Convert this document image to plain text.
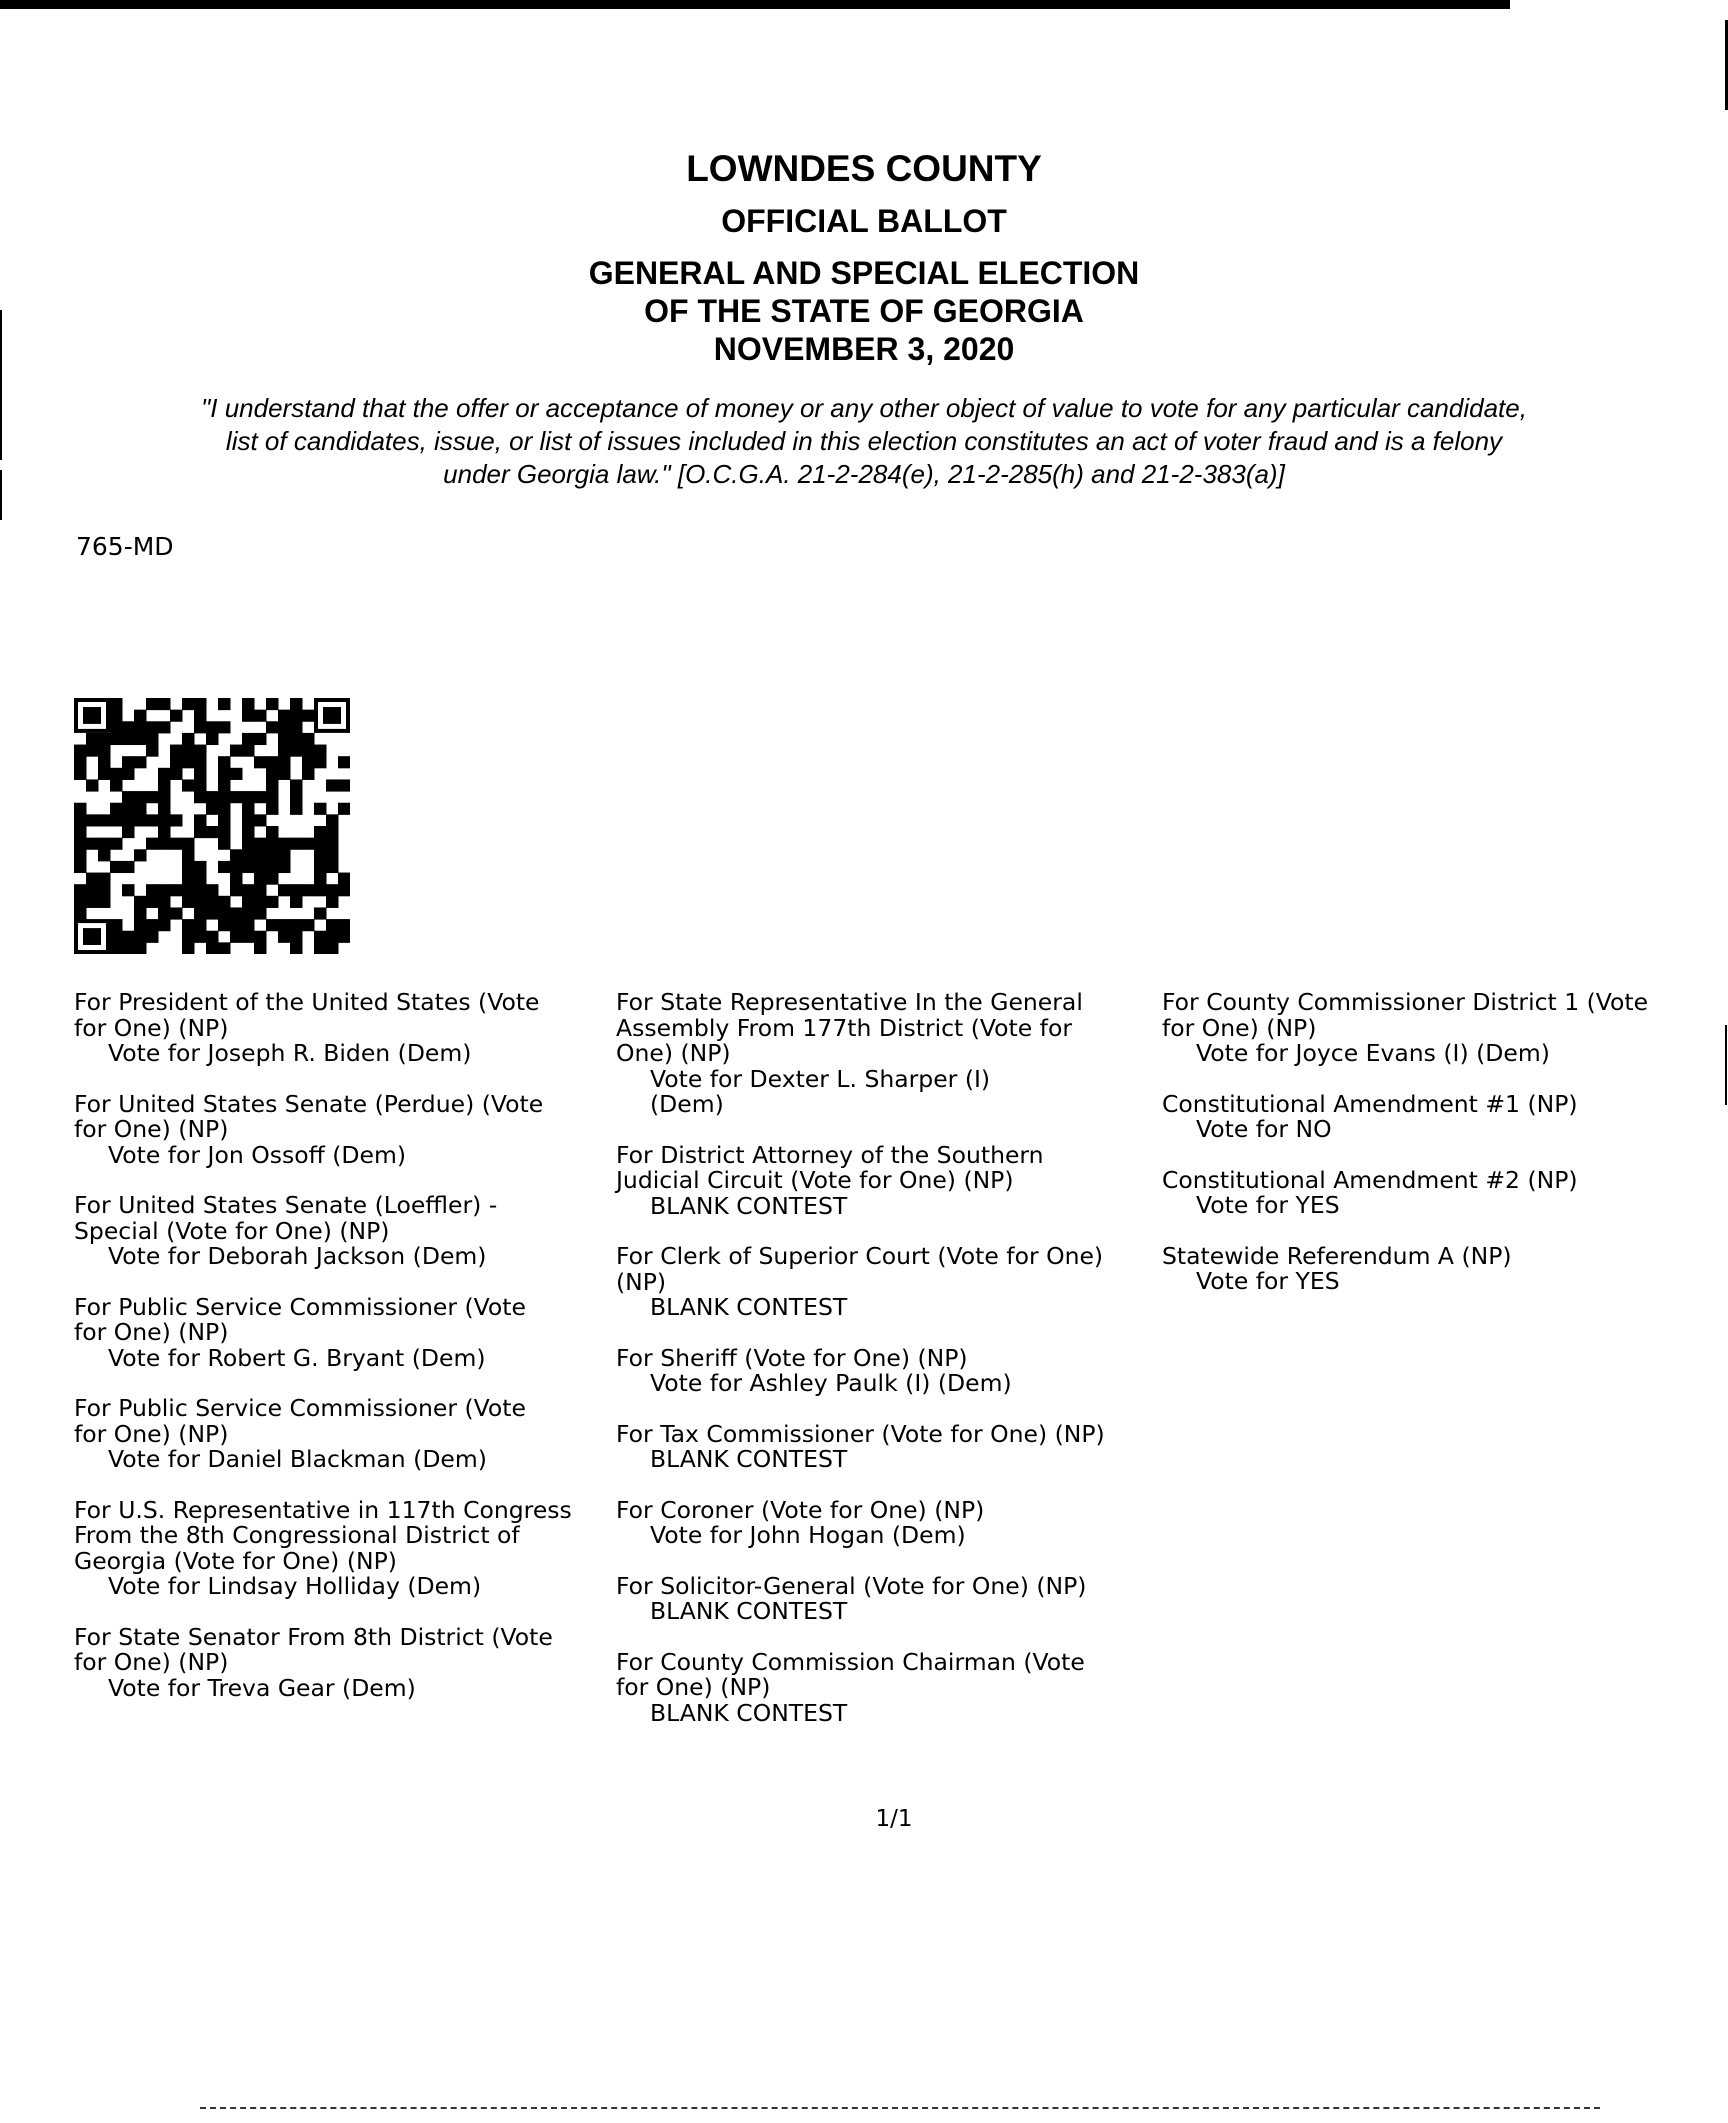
LOWNDES COUNTY
OFFICIAL BALLOT
GENERAL AND SPECIAL ELECTION
OF THE STATE OF GEORGIA
NOVEMBER 3, 2020
"I understand that the offer or acceptance of money or any other object of value to vote for any particular candidate,
list of candidates, issue, or list of issues included in this election constitutes an act of voter fraud and is a felony
under Georgia law." [O.C.G.A. 21-2-284(e), 21-2-285(h) and 21-2-383(a)]
765-MD
For President of the United States (Vote
for One) (NP)
Vote for Joseph R. Biden (Dem)
For United States Senate (Perdue) (Vote
for One) (NP)
Vote for Jon Ossoff (Dem)
For United States Senate (Loeffler) -
Special (Vote for One) (NP)
Vote for Deborah Jackson (Dem)
For Public Service Commissioner (Vote
for One) (NP)
Vote for Robert G. Bryant (Dem)
For Public Service Commissioner (Vote
for One) (NP)
Vote for Daniel Blackman (Dem)
For U.S. Representative in 117th Congress
From the 8th Congressional District of
Georgia (Vote for One) (NP)
Vote for Lindsay Holliday (Dem)
For State Senator From 8th District (Vote
for One) (NP)
Vote for Treva Gear (Dem)
For State Representative In the General
Assembly From 177th District (Vote for
One) (NP)
Vote for Dexter L. Sharper (I)
(Dem)
For District Attorney of the Southern
Judicial Circuit (Vote for One) (NP)
BLANK CONTEST
For Clerk of Superior Court (Vote for One)
(NP)
BLANK CONTEST
For Sheriff (Vote for One) (NP)
Vote for Ashley Paulk (I) (Dem)
For Tax Commissioner (Vote for One) (NP)
BLANK CONTEST
For Coroner (Vote for One) (NP)
Vote for John Hogan (Dem)
For Solicitor-General (Vote for One) (NP)
BLANK CONTEST
For County Commission Chairman (Vote
for One) (NP)
BLANK CONTEST
For County Commissioner District 1 (Vote
for One) (NP)
Vote for Joyce Evans (I) (Dem)
Constitutional Amendment #1 (NP)
Vote for NO
Constitutional Amendment #2 (NP)
Vote for YES
Statewide Referendum A (NP)
Vote for YES
1/1
